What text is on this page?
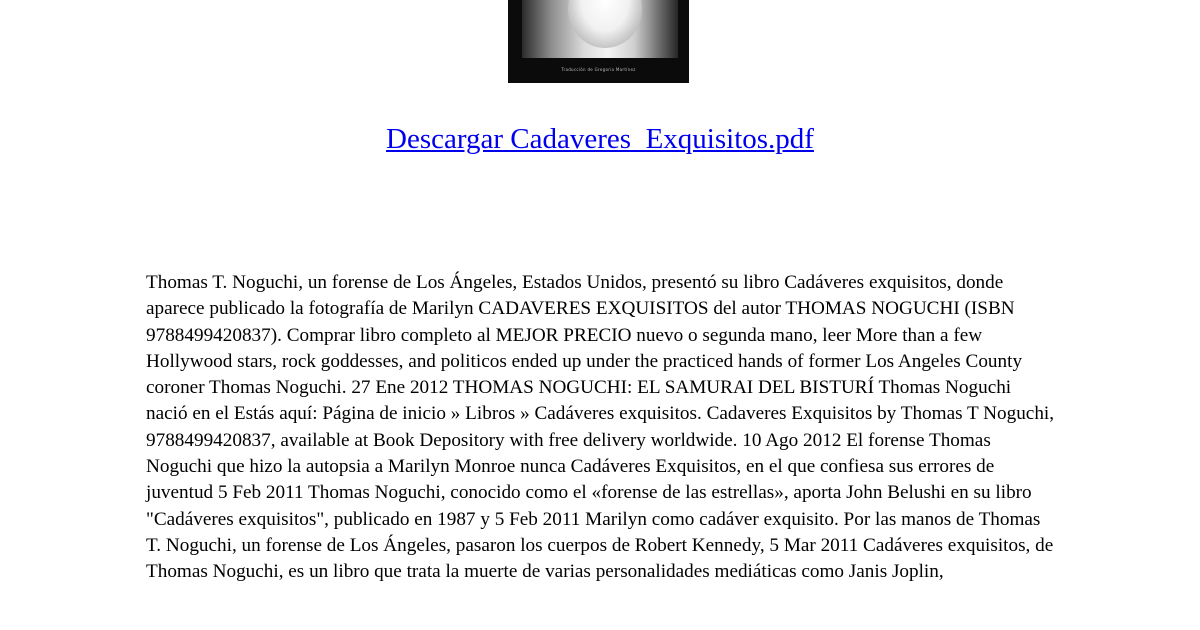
Traducción de Gregorio Martínez
Descargar Cadaveres_Exquisitos.pdf

Thomas T. Noguchi, un forense de Los Ángeles, Estados Unidos, presentó su libro Cadáveres exquisitos, donde aparece publicado la fotografía de Marilyn CADAVERES EXQUISITOS del autor THOMAS NOGUCHI (ISBN 9788499420837). Comprar libro completo al MEJOR PRECIO nuevo o segunda mano, leer More than a few Hollywood stars, rock goddesses, and politicos ended up under the practiced hands of former Los Angeles County coroner Thomas Noguchi. 27 Ene 2012 THOMAS NOGUCHI: EL SAMURAI DEL BISTURÍ Thomas Noguchi nació en el Estás aquí: Página de inicio » Libros » Cadáveres exquisitos. Cadaveres Exquisitos by Thomas T Noguchi, 9788499420837, available at Book Depository with free delivery worldwide. 10 Ago 2012 El forense Thomas Noguchi que hizo la autopsia a Marilyn Monroe nunca Cadáveres Exquisitos, en el que confiesa sus errores de juventud 5 Feb 2011 Thomas Noguchi, conocido como el «forense de las estrellas», aporta John Belushi en su libro "Cadáveres exquisitos", publicado en 1987 y 5 Feb 2011 Marilyn como cadáver exquisito. Por las manos de Thomas T. Noguchi, un forense de Los Ángeles, pasaron los cuerpos de Robert Kennedy, 5 Mar 2011 Cadáveres exquisitos, de Thomas Noguchi, es un libro que trata la muerte de varias personalidades mediáticas como Janis Joplin,
